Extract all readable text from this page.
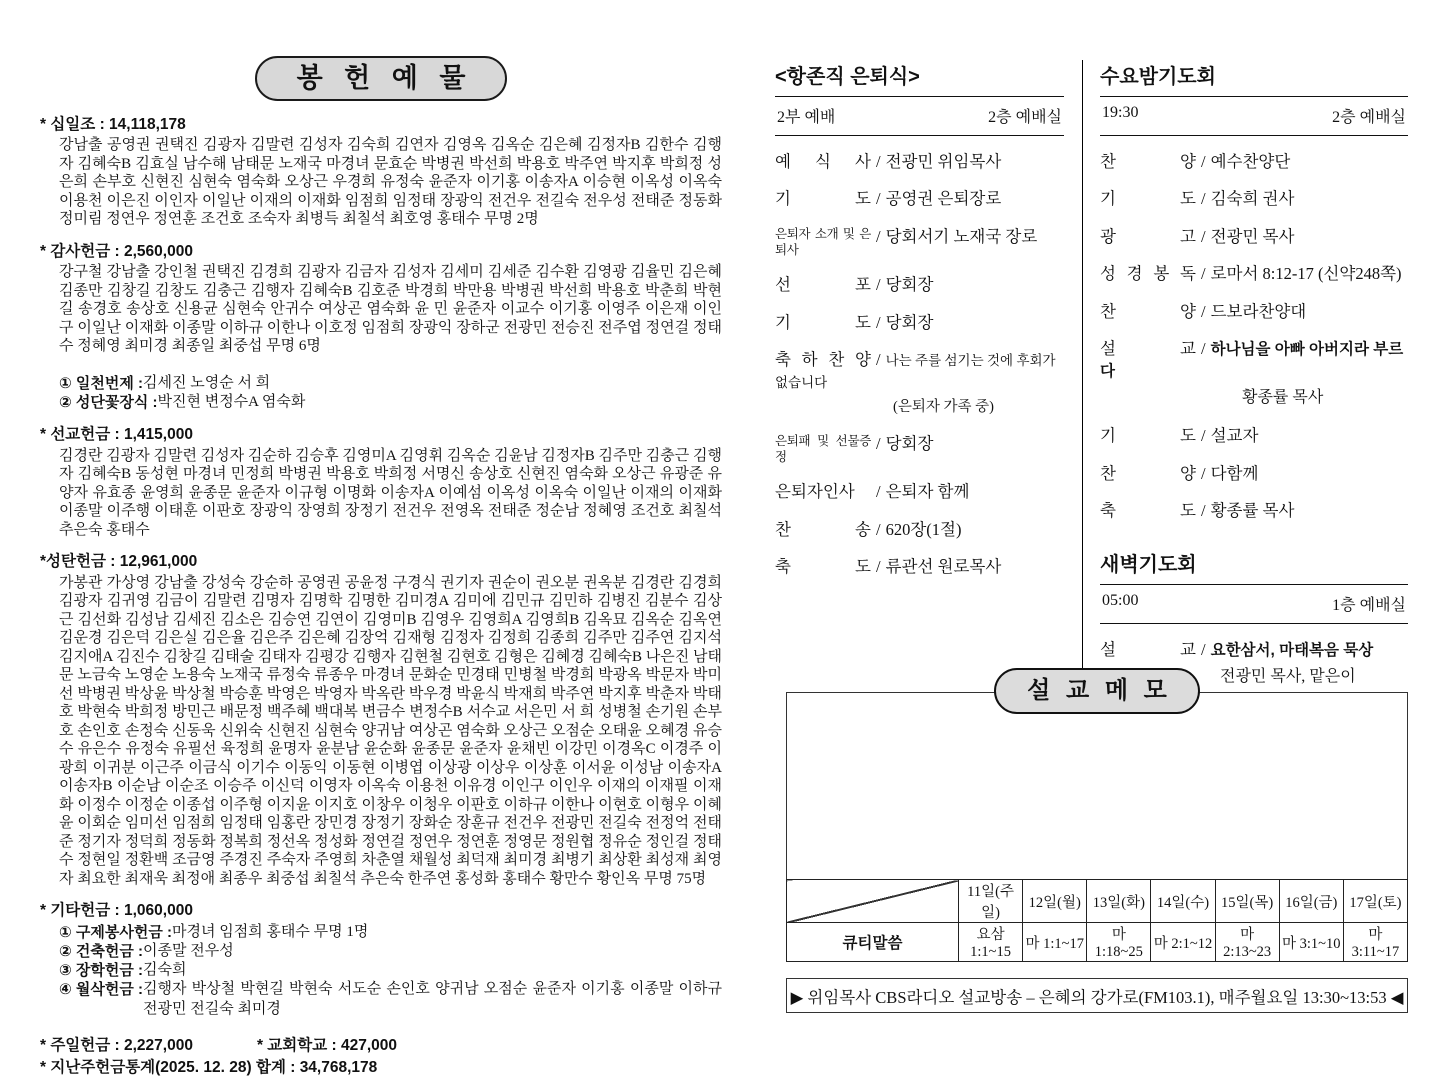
봉 헌 예 물
* 십일조 : 14,118,178
강남출 공영권 권택진 김광자 김말련 김성자 김숙희 김연자 김영옥 김옥순 김은혜 김정자B 김한수 김행자 김혜숙B 김효실 남수해 남태문 노재국 마경녀 문효순 박병권 박선희 박용호 박주연 박지후 박희정 성은희 손부호 신현진 심현숙 염숙화 오상근 우경희 유정숙 윤준자 이기홍 이송자A 이승현 이옥성 이옥숙 이용천 이은진 이인자 이일난 이재의 이재화 임점희 임정태 장광익 전건우 전길숙 전우성 전태준 정동화 정미림 정연우 정연훈 조건호 조숙자 최병득 최칠석 최호영 홍태수 무명 2명
* 감사헌금 : 2,560,000
강구철 강남출 강인철 권택진 김경희 김광자 김금자 김성자 김세미 김세준 김수환 김영광 김율민 김은혜 김종만 김창길 김창도 김충근 김행자 김혜숙B 김호준 박경희 박만용 박병권 박선희 박용호 박춘희 박현길 송경호 송상호 신용균 심현숙 안귀수 여상곤 염숙화 윤 민 윤준자 이교수 이기홍 이영주 이은재 이인구 이일난 이재화 이종말 이하규 이한나 이호정 임점희 장광익 장하군 전광민 전승진 전주엽 정연걸 정태수 정혜영 최미경 최종일 최중섭 무명 6명
① 일천번제 : 김세진 노영순 서 희
② 성단꽃장식 : 박진현 변정수A 염숙화
* 선교헌금 : 1,415,000
김경란 김광자 김말련 김성자 김순하 김승후 김영미A 김영휘 김옥순 김윤남 김정자B 김주만 김충근 김행자 김혜숙B 동성현 마경녀 민정희 박병권 박용호 박희정 서명신 송상호 신현진 염숙화 오상근 유광준 유양자 유효종 윤영희 윤종문 윤준자 이규형 이명화 이송자A 이예섬 이옥성 이옥숙 이일난 이재의 이재화 이종말 이주행 이태훈 이판호 장광익 장영희 장정기 전건우 전영옥 전태준 정순남 정혜영 조건호 최칠석 추은숙 홍태수
*성탄헌금 : 12,961,000
가봉관 가상영 강남출 강성숙 강순하 공영권 공윤정 구경식 권기자 권순이 권오분 권옥분 김경란 김경희 김광자 김귀영 김금이 김말련 김명자 김명학 김명한 김미경A 김미에 김민규 김민하 김병진 김분수 김상근 김선화 김성남 김세진 김소은 김승연 김연이 김영미B 김영우 김영희A 김영희B 김옥묘 김옥순 김옥연 김운경 김은덕 김은실 김은율 김은주 김은혜 김장억 김재형 김정자 김정희 김종희 김주만 김주연 김지석 김지애A 김진수 김창길 김태술 김태자 김평강 김행자 김현철 김현호 김형은 김혜경 김혜숙B 나은진 남태문 노금숙 노영순 노용숙 노재국 류정숙 류종우 마경녀 문화순 민경태 민병철 박경희 박광옥 박문자 박미선 박병권 박상윤 박상철 박승훈 박영은 박영자 박옥란 박우경 박윤식 박재희 박주연 박지후 박춘자 박태호 박현숙 박희정 방민근 배문정 백주혜 백대복 변금수 변정수B 서수교 서은민 서 희 성병철 손기원 손부호 손인호 손정숙 신동욱 신위숙 신현진 심현숙 양귀남 여상곤 염숙화 오상근 오점순 오태윤 오혜경 유승수 유은수 유정숙 유필선 육정희 윤명자 윤분남 윤순화 윤종문 윤준자 윤채빈 이강민 이경옥C 이경주 이광희 이귀분 이근주 이금식 이기수 이동익 이동현 이병엽 이상광 이상우 이상훈 이서윤 이성남 이송자A 이송자B 이순남 이순조 이승주 이신덕 이영자 이옥숙 이용천 이유경 이인구 이인우 이재의 이재필 이재화 이정수 이정순 이종섭 이주형 이지윤 이지호 이창우 이청우 이판호 이하규 이한나 이현호 이형우 이혜윤 이회순 임미선 임점희 임정태 임홍란 장민경 장정기 장화순 장훈규 전건우 전광민 전길숙 전정억 전태준 정기자 정덕희 정동화 정복희 정선옥 정성화 정연걸 정연우 정연훈 정영문 정원협 정유순 정인걸 정태수 정현일 정환백 조금영 주경진 주숙자 주영희 차춘열 채월성 최덕재 최미경 최병기 최상환 최성재 최영자 최요한 최재욱 최정애 최종우 최중섭 최칠석 추은숙 한주연 홍성화 홍태수 황만수 황인옥 무명 75명
* 기타헌금 : 1,060,000
① 구제봉사헌금 : 마경녀 임점희 홍태수 무명 1명
② 건축헌금 : 이종말 전우성
③ 장학헌금 : 김숙희
④ 월삭헌금 : 김행자 박상철 박현길 박현숙 서도순 손인호 양귀남 오점순 윤준자 이기홍 이종말 이하규 전광민 전길숙 최미경
* 주일헌금 : 2,227,000	* 교회학교 : 427,000
* 지난주헌금통계(2025. 12. 28) 합계 : 34,768,178
<항존직 은퇴식>
2부 예배	2층 예배실
예 식 사 / 전광민 위임목사
기 도 / 공영권 은퇴장로
은퇴자 소개 및 은퇴사/ 당회서기 노재국 장로
선 포 / 당회장
기 도 / 당회장
축 하 찬 양 / 나는 주를 섬기는 것에 후회가 없습니다
(은퇴자 가족 중)
은퇴패 및 선물증정/ 당회장
은퇴자인사 / 은퇴자 함께
찬 송 / 620장(1절)
축 도 / 류관선 원로목사
수요밤기도회
19:30	2층 예배실
찬 양 / 예수찬양단
기 도 / 김숙희 권사
광 고 / 전광민 목사
성 경 봉 독 / 로마서 8:12-17 (신약248쪽)
찬 양 / 드보라찬양대
설 교 / 하나님을 아빠 아버지라 부르다
황종률 목사
기 도 / 설교자
찬 양 / 다함께
축 도 / 황종률 목사
새벽기도회
05:00	1층 예배실
설 교 / 요한삼서, 마태복음 묵상
전광민 목사, 맡은이
설 교 메 모
	11일(주일)	12일(월)	13일(화)	14일(수)	15일(목)	16일(금)	17일(토)
큐티말씀	요삼 1:1~15	마 1:1~17	마 1:18~25	마 2:1~12	마 2:13~23	마 3:1~10	마 3:11~17
▶ 위임목사 CBS라디오 설교방송 – 은혜의 강가로(FM103.1), 매주월요일 13:30~13:53 ◀
